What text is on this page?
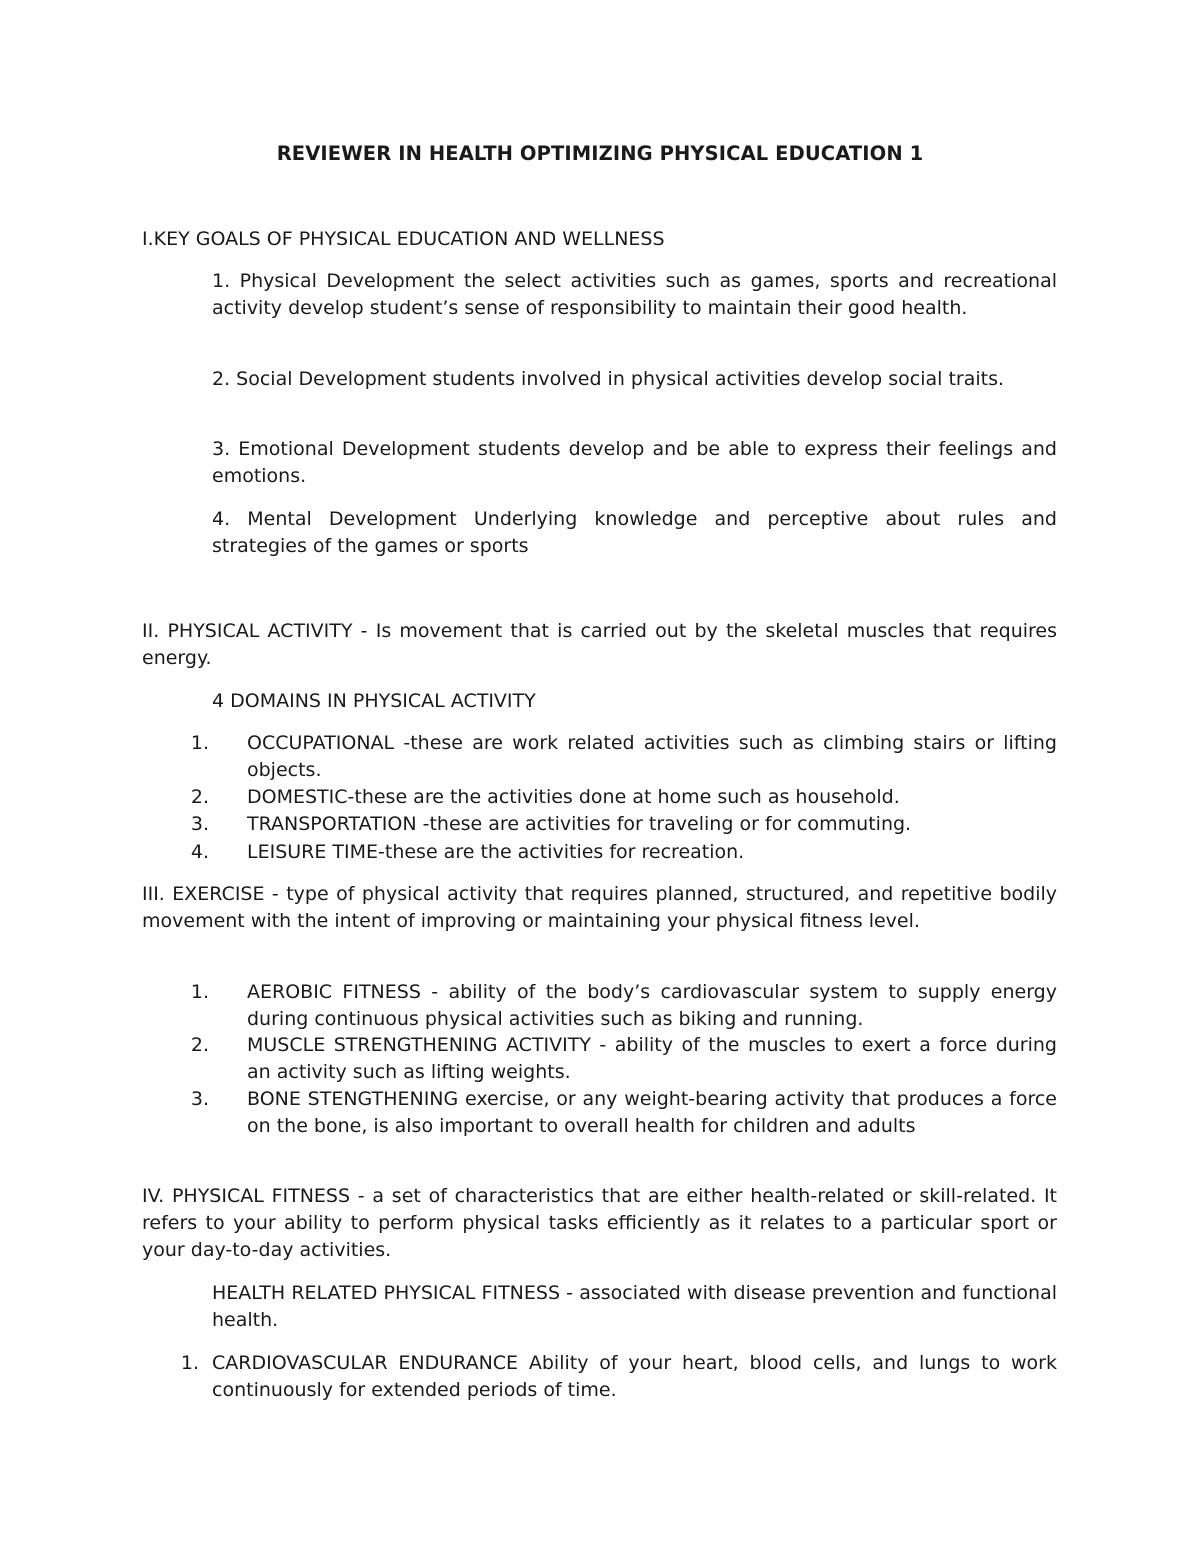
REVIEWER IN HEALTH OPTIMIZING PHYSICAL EDUCATION 1

I.KEY GOALS OF PHYSICAL EDUCATION AND WELLNESS

1. Physical Development the select activities such as games, sports and recreational activity develop student’s sense of responsibility to maintain their good health.

2. Social Development students involved in physical activities develop social traits.

3. Emotional Development students develop and be able to express their feelings and emotions.

4. Mental Development Underlying knowledge and perceptive about rules and strategies of the games or sports

II. PHYSICAL ACTIVITY - Is movement that is carried out by the skeletal muscles that requires energy.

4 DOMAINS IN PHYSICAL ACTIVITY

1. OCCUPATIONAL -these are work related activities such as climbing stairs or lifting objects.
2. DOMESTIC-these are the activities done at home such as household.
3. TRANSPORTATION -these are activities for traveling or for commuting.
4. LEISURE TIME-these are the activities for recreation.

III. EXERCISE - type of physical activity that requires planned, structured, and repetitive bodily movement with the intent of improving or maintaining your physical fitness level.

1. AEROBIC FITNESS - ability of the body’s cardiovascular system to supply energy during continuous physical activities such as biking and running.
2. MUSCLE STRENGTHENING ACTIVITY - ability of the muscles to exert a force during an activity such as lifting weights.
3. BONE STENGTHENING exercise, or any weight-bearing activity that produces a force on the bone, is also important to overall health for children and adults

IV. PHYSICAL FITNESS - a set of characteristics that are either health-related or skill-related. It refers to your ability to perform physical tasks efficiently as it relates to a particular sport or your day-to-day activities.

HEALTH RELATED PHYSICAL FITNESS - associated with disease prevention and functional health.

1. CARDIOVASCULAR ENDURANCE Ability of your heart, blood cells, and lungs to work continuously for extended periods of time.
